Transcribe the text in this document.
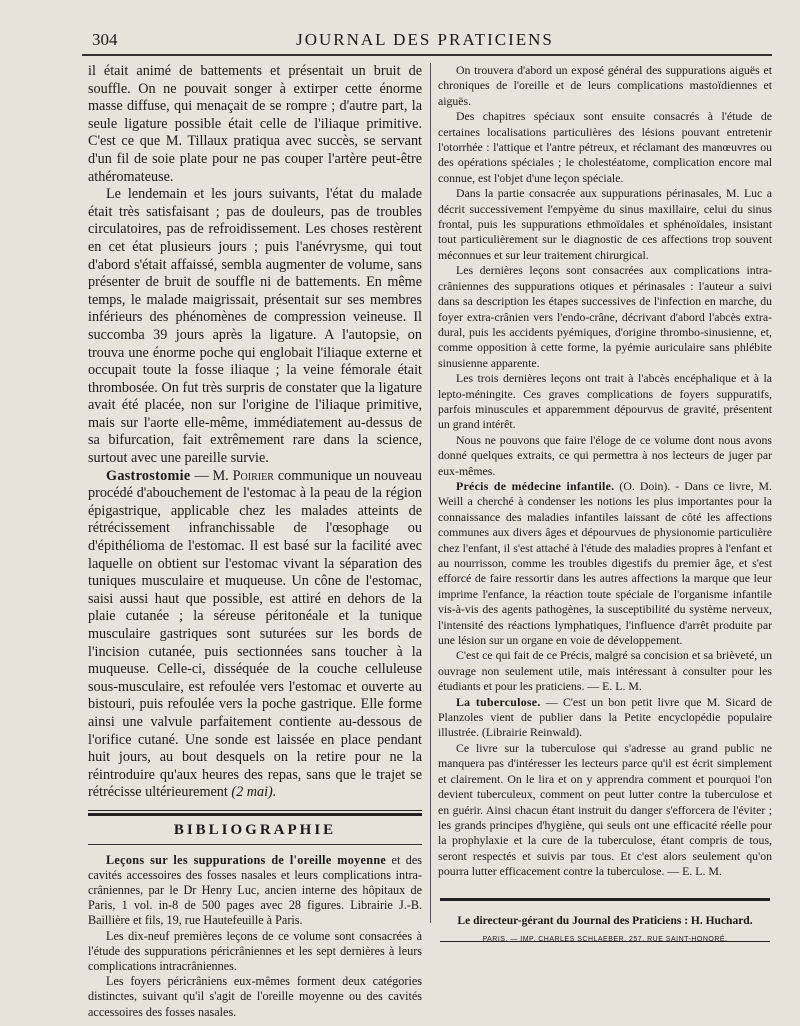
304	JOURNAL DES PRATICIENS

il était animé de battements et présentait un bruit de souffle. On ne pouvait songer à extirper cette énorme masse diffuse, qui menaçait de se rompre ; d'autre part, la seule ligature possible était celle de l'iliaque primitive. C'est ce que M. Tillaux pratiqua avec succès, se servant d'un fil de soie plate pour ne pas couper l'artère peut-être athéromateuse.

Le lendemain et les jours suivants, l'état du malade était très satisfaisant ; pas de douleurs, pas de troubles circulatoires, pas de refroidissement. Les choses restèrent en cet état plusieurs jours ; puis l'anévrysme, qui tout d'abord s'était affaissé, sembla augmenter de volume, sans présenter de bruit de souffle ni de battements. En même temps, le malade maigrissait, présentait sur ses membres inférieurs des phénomènes de compression veineuse. Il succomba 39 jours après la ligature. A l'autopsie, on trouva une énorme poche qui englobait l'iliaque externe et occupait toute la fosse iliaque ; la veine fémorale était thrombosée. On fut très surpris de constater que la ligature avait été placée, non sur l'origine de l'iliaque primitive, mais sur l'aorte elle-même, immédiatement au-dessus de sa bifurcation, fait extrêmement rare dans la science, surtout avec une pareille survie.

Gastrostomie — M. Poirier communique un nouveau procédé d'abouchement de l'estomac à la peau de la région épigastrique, applicable chez les malades atteints de rétrécissement infranchissable de l'œsophage ou d'épithélioma de l'estomac. Il est basé sur la facilité avec laquelle on obtient sur l'estomac vivant la séparation des tuniques musculaire et muqueuse. Un cône de l'estomac, saisi aussi haut que possible, est attiré en dehors de la plaie cutanée ; la séreuse péritonéale et la tunique musculaire gastriques sont suturées sur les bords de l'incision cutanée, puis sectionnées sans toucher à la muqueuse. Celle-ci, disséquée de la couche celluleuse sous-musculaire, est refoulée vers l'estomac et ouverte au bistouri, puis refoulée vers la poche gastrique. Elle forme ainsi une valvule parfaitement contiente au-dessous de l'orifice cutané. Une sonde est laissée en place pendant huit jours, au bout desquels on la retire pour ne la réintroduire qu'aux heures des repas, sans que le trajet se rétrécisse ultérieurement (2 mai).

BIBLIOGRAPHIE

Leçons sur les suppurations de l'oreille moyenne et des cavités accessoires des fosses nasales et leurs complications intra-crâniennes, par le Dr Henry Luc, ancien interne des hôpitaux de Paris, 1 vol. in-8 de 500 pages avec 28 figures. Librairie J.-B. Baillière et fils, 19, rue Hautefeuille à Paris.

Les dix-neuf premières leçons de ce volume sont consacrées à l'étude des suppurations péricrâniennes et les sept dernières à leurs complications intracrâniennes.

Les foyers péricrâniens eux-mêmes forment deux catégories distinctes, suivant qu'il s'agit de l'oreille moyenne ou des cavités accessoires des fosses nasales.

On trouvera d'abord un exposé général des suppurations aiguës et chroniques de l'oreille et de leurs complications mastoïdiennes et aiguës.

Des chapitres spéciaux sont ensuite consacrés à l'étude de certaines localisations particulières des lésions pouvant entretenir l'otorrhée : l'attique et l'antre pétreux, et réclamant des manœuvres ou des opérations spéciales ; le cholestéatome, complication encore mal connue, est l'objet d'une leçon spéciale.

Dans la partie consacrée aux suppurations périnasales, M. Luc a décrit successivement l'empyème du sinus maxillaire, celui du sinus frontal, puis les suppurations ethmoïdales et sphénoïdales, insistant tout particulièrement sur le diagnostic de ces affections trop souvent méconnues et sur leur traitement chirurgical.

Les dernières leçons sont consacrées aux complications intra-crâniennes des suppurations otiques et périnasales : l'auteur a suivi dans sa description les étapes successives de l'infection en marche, du foyer extra-crânien vers l'endo-crâne, décrivant d'abord l'abcès extra-dural, puis les accidents pyémiques, d'origine thrombo-sinusienne, et, comme opposition à cette forme, la pyémie auriculaire sans phlébite sinusienne apparente.

Les trois dernières leçons ont trait à l'abcès encéphalique et à la lepto-méningite. Ces graves complications de foyers suppuratifs, parfois minuscules et apparemment dépourvus de gravité, présentent un grand intérêt.

Nous ne pouvons que faire l'éloge de ce volume dont nous avons donné quelques extraits, ce qui permettra à nos lecteurs de juger par eux-mêmes.

Précis de médecine infantile. (O. Doin). - Dans ce livre, M. Weill a cherché à condenser les notions les plus importantes pour la connaissance des maladies infantiles laissant de côté les affections communes aux divers âges et dépourvues de physionomie particulière chez l'enfant, il s'est attaché à l'étude des maladies propres à l'enfant et au nourrisson, comme les troubles digestifs du premier âge, et s'est efforcé de faire ressortir dans les autres affections la marque que leur imprime l'enfance, la réaction toute spéciale de l'organisme infantile vis-à-vis des agents pathogènes, la susceptibilité du système nerveux, l'intensité des réactions lymphatiques, l'influence d'arrêt produite par une lésion sur un organe en voie de développement.

C'est ce qui fait de ce Précis, malgré sa concision et sa brièveté, un ouvrage non seulement utile, mais intéressant à consulter pour les étudiants et pour les praticiens. — E. L. M.

La tuberculose. — C'est un bon petit livre que M. Sicard de Planzoles vient de publier dans la Petite encyclopédie populaire illustrée. (Librairie Reinwald).

Ce livre sur la tuberculose qui s'adresse au grand public ne manquera pas d'intéresser les lecteurs parce qu'il est écrit simplement et clairement. On le lira et on y apprendra comment et pourquoi l'on devient tuberculeux, comment on peut lutter contre la tuberculose et en guérir. Ainsi chacun étant instruit du danger s'efforcera de l'éviter ; les grands principes d'hygiène, qui seuls ont une efficacité réelle pour la prophylaxie et la cure de la tuberculose, étant compris de tous, seront respectés et suivis par tous. Et c'est alors seulement qu'on pourra lutter efficacement contre la tuberculose. — E. L. M.

Le directeur-gérant du Journal des Praticiens : H. Huchard.
PARIS. — IMP. CHARLES SCHLAEBER, 257, RUE SAINT-HONORÉ.
